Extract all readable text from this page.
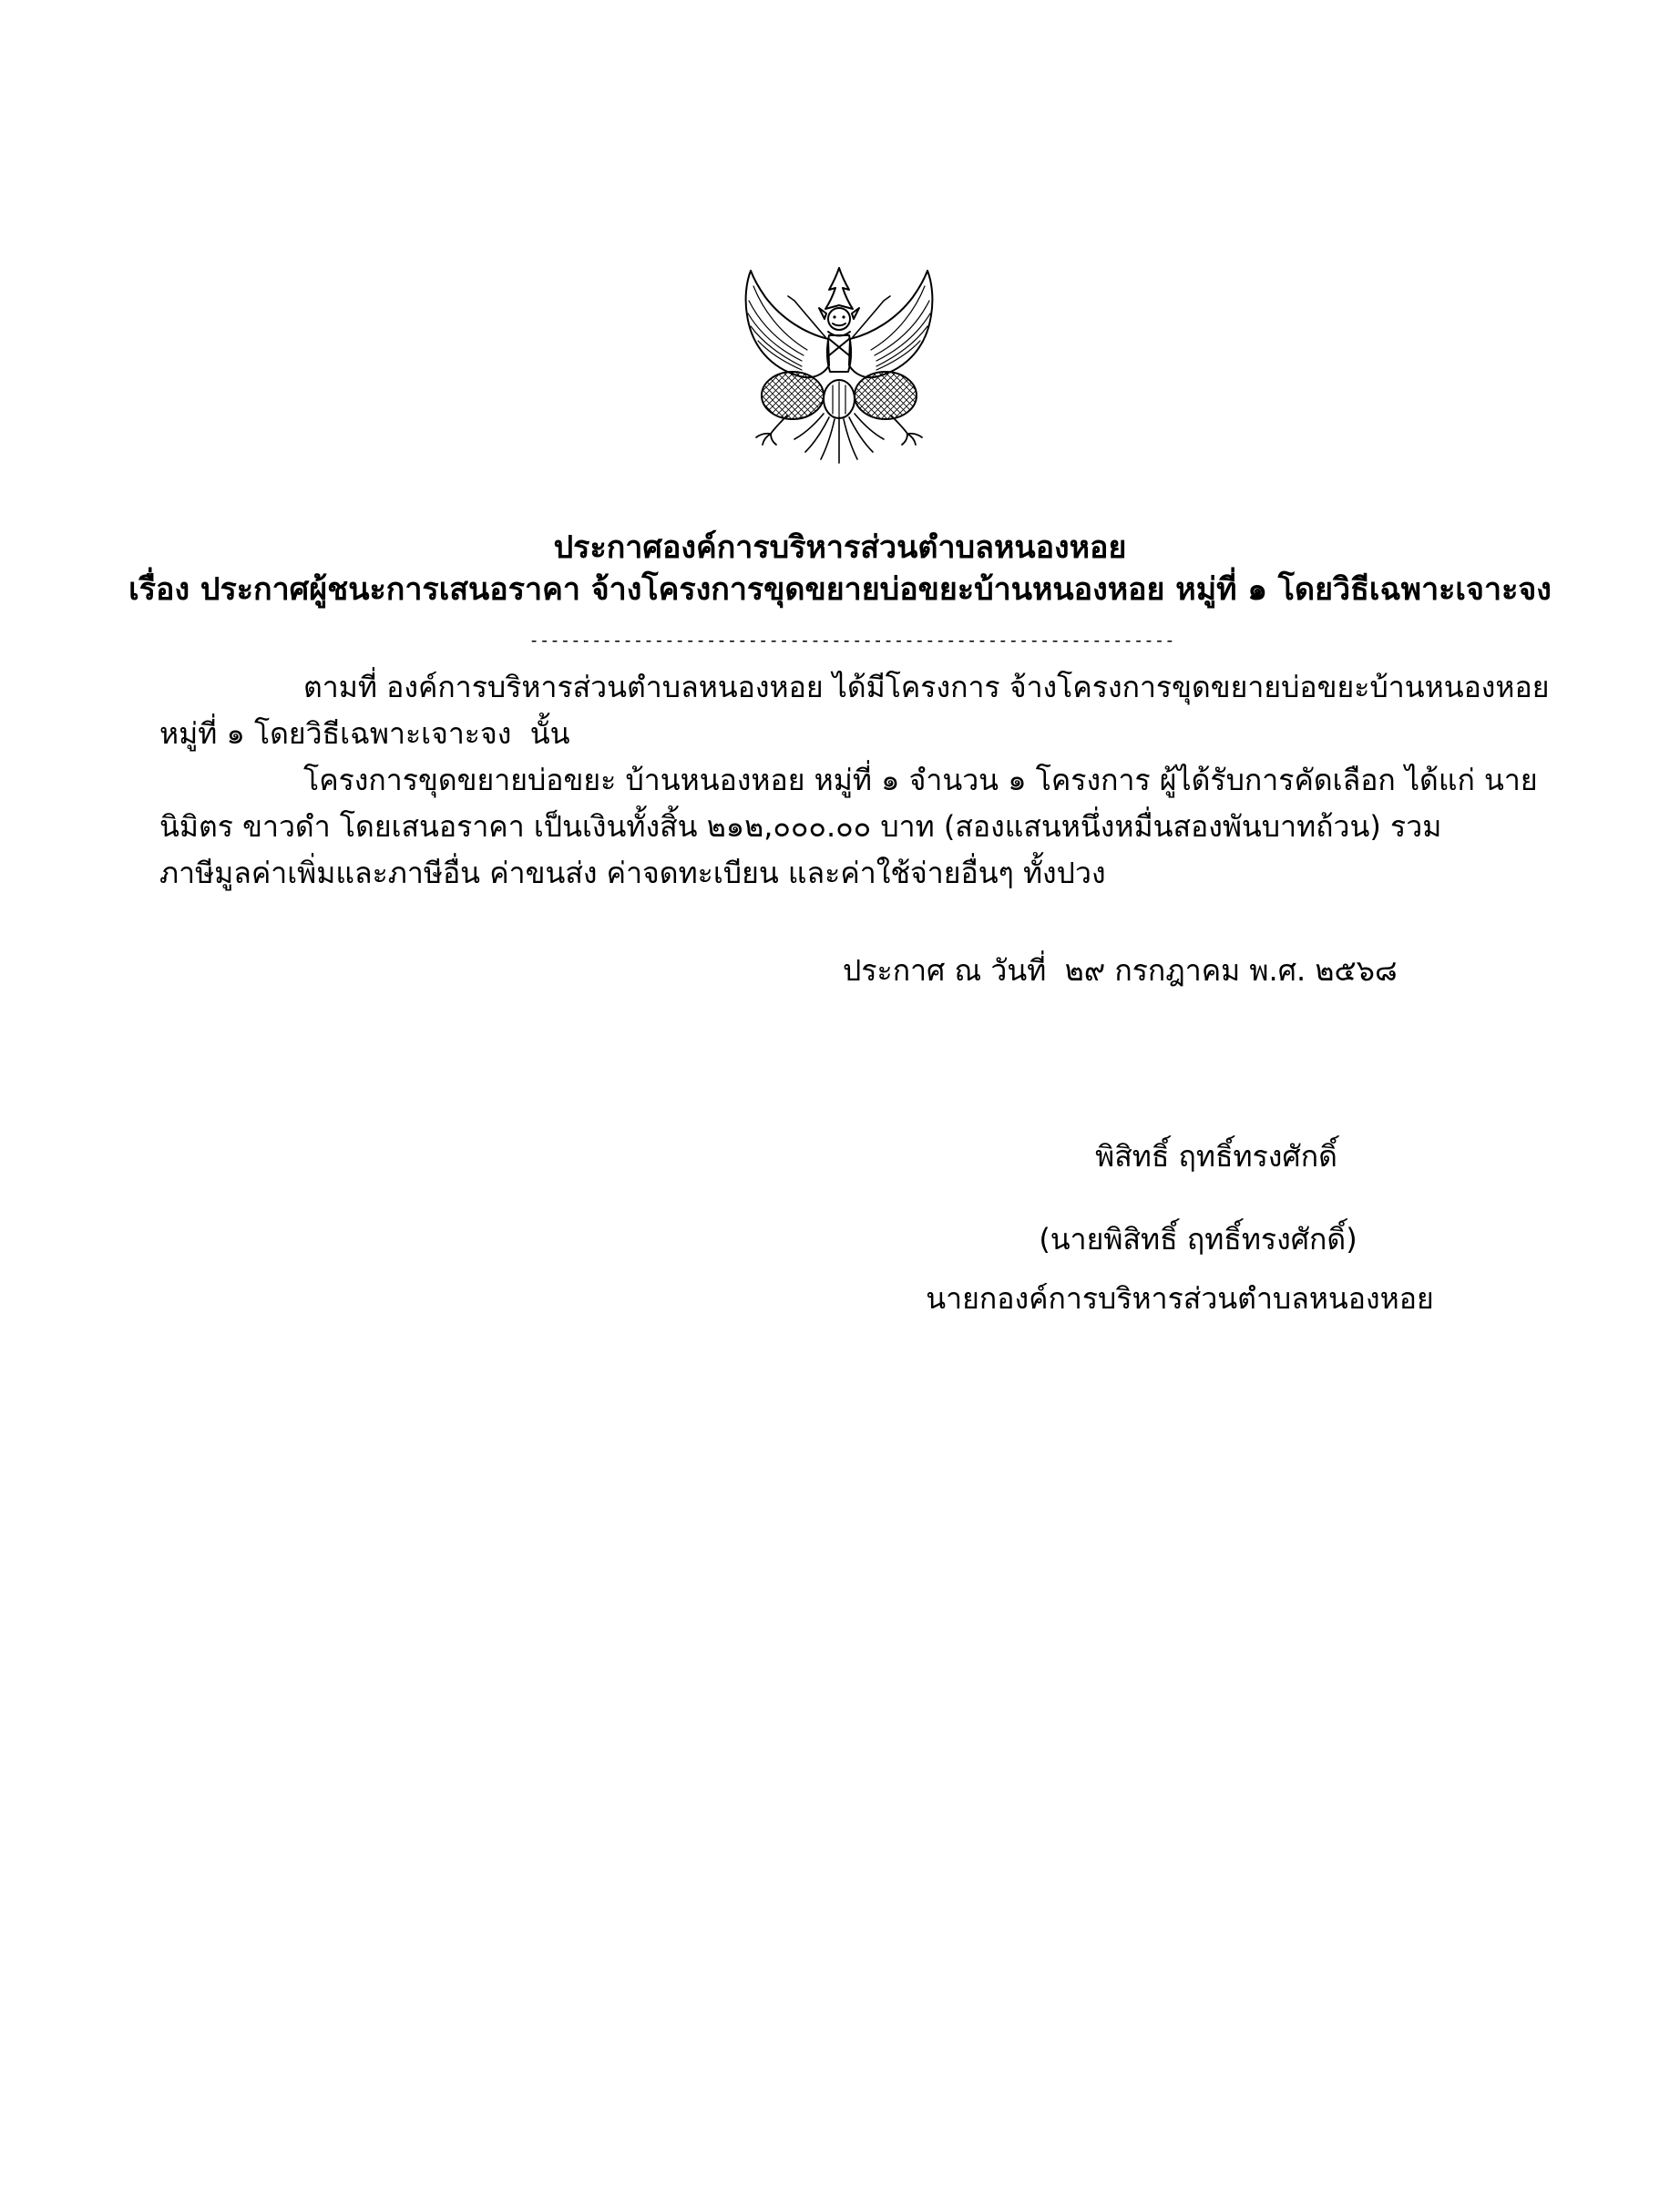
ประกาศองค์การบริหารส่วนตำบลหนองหอย
เรื่อง ประกาศผู้ชนะการเสนอราคา จ้างโครงการขุดขยายบ่อขยะบ้านหนองหอย หมู่ที่ ๑ โดยวิธีเฉพาะเจาะจง
--------------------------------------------------------------
ตามที่ องค์การบริหารส่วนตำบลหนองหอย ได้มีโครงการ จ้างโครงการขุดขยายบ่อขยะบ้านหนองหอย
หมู่ที่ ๑ โดยวิธีเฉพาะเจาะจง  นั้น
โครงการขุดขยายบ่อขยะ บ้านหนองหอย หมู่ที่ ๑ จำนวน ๑ โครงการ ผู้ได้รับการคัดเลือก ได้แก่ นาย
นิมิตร ขาวดำ โดยเสนอราคา เป็นเงินทั้งสิ้น ๒๑๒,๐๐๐.๐๐ บาท (สองแสนหนึ่งหมื่นสองพันบาทถ้วน) รวม
ภาษีมูลค่าเพิ่มและภาษีอื่น ค่าขนส่ง ค่าจดทะเบียน และค่าใช้จ่ายอื่นๆ ทั้งปวง
ประกาศ ณ วันที่  ๒๙ กรกฎาคม พ.ศ. ๒๕๖๘
พิสิทธิ์ ฤทธิ์ทรงศักดิ์
(นายพิสิทธิ์ ฤทธิ์ทรงศักดิ์)
นายกองค์การบริหารส่วนตำบลหนองหอย
